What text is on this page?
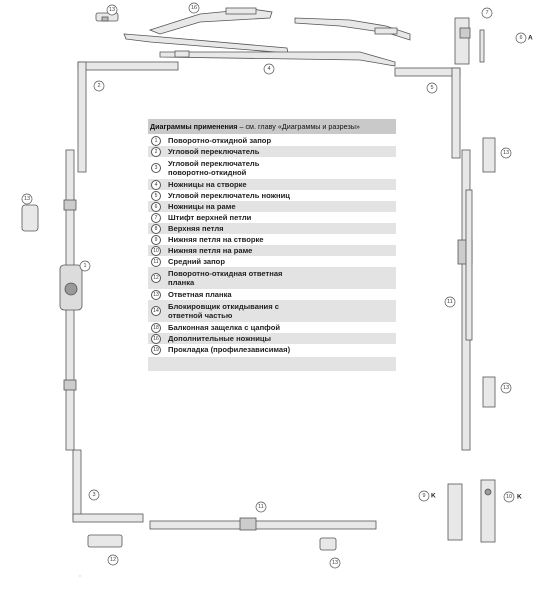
13	16
7
6
4
2	5
13
13
1
11
13
3	9	10
11
12	13
A
K	K
Диаграммы применения – см. главу «Диаграммы и разрезы»
1	Поворотно-откидной запор
2	Угловой переключатель
3	Угловой переключатель
поворотно-откидной
4	Ножницы на створке
5	Угловой переключатель ножниц
6	Ножницы на раме
7	Штифт верхней петли
8	Верхняя петля
9	Нижняя петля на створке
10 Нижняя петля на раме
11	Средний запор
12 Поворотно-откидная ответная
планка
13 Ответная планка
14 Блокировщик откидывания с
ответной частью
18 Балконная защелка с цапфой
16 Дополнительные ножницы
19 Прокладка (профилезависимая)
